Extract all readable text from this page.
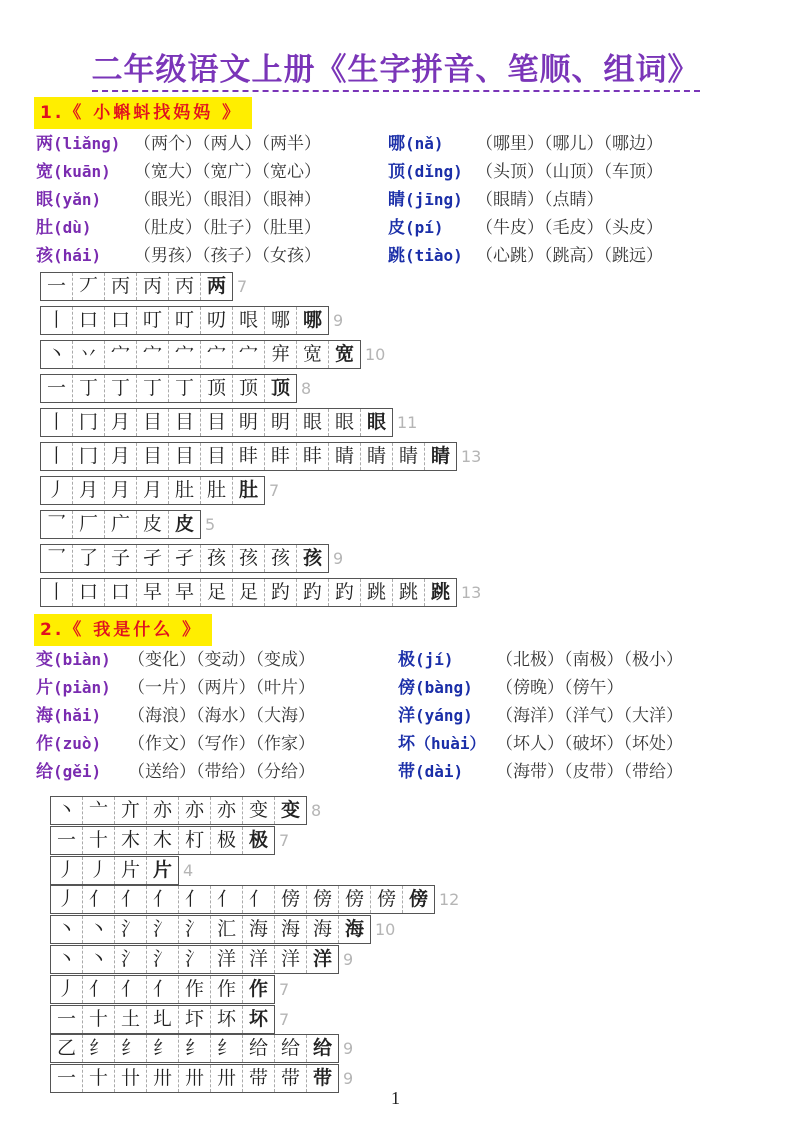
二年级语文上册《生字拼音、笔顺、组词》
1.《 小蝌蚪找妈妈 》
两(liǎng) （两个）（两人）（两半）	哪(nǎ) （哪里）（哪儿）（哪边）
宽(kuān) （宽大）（宽广）（宽心）	顶(dǐng) （头顶）（山顶）（车顶）
眼(yǎn) （眼光）（眼泪）（眼神）	睛(jīng) （眼睛）（点睛）
肚(dù) （肚皮）（肚子）（肚里）	皮(pí) （牛皮）（毛皮）（头皮）
孩(hái) （男孩）（孩子）（女孩）	跳(tiào) （心跳）（跳高）（跳远）
一 丆 丙 丙 丙 两 7
丨 口 口 叮 叮 叨 哏 哪 哪 9
丶 丷 宀 宀 宀 宀 宀 宑 宽 宽 10
一 丁 丁 丁 丁 顶 顶 顶 8
丨 冂 月 目 目 目 眀 眀 眼 眼 眼 11
丨 冂 月 目 目 目 盽 盽 盽 睛 睛 睛 睛 13
丿 月 月 月 肚 肚 肚 7
乛 厂 广 皮 皮 5
乛 了 子 孑 孑 孩 孩 孩 孩 9
丨 口 口 早 早 足 足 趵 趵 趵 跳 跳 跳 13
2.《 我是什么 》
变(biàn) （变化）（变动）（变成）	极(jí) （北极）（南极）（极小）
片(piàn) （一片）（两片）（叶片）	傍(bàng) （傍晚）（傍午）
海(hǎi) （海浪）（海水）（大海）	洋(yáng) （海洋）（洋气）（大洋）
作(zuò) （作文）（写作）（作家）	坏（huài） （坏人）（破坏）（坏处）
给(gěi) （送给）（带给）（分给）	带(dài) （海带）（皮带）（带给）
丶 亠 亣 亦 亦 亦 变 变 8
一 十 木 木 朾 极 极 7
丿 丿 片 片 4
丿 亻 亻 亻 亻 亻 亻 傍 傍 傍 傍 傍 12
丶 丶 氵 氵 氵 汇 海 海 海 海 10
丶 丶 氵 氵 氵 洋 洋 洋 洋 9
丿 亻 亻 亻 作 作 作 7
一 十 土 圠 圷 坏 坏 7
乙 纟 纟 纟 纟 纟 给 给 给 9
一 十 卄 卅 卅 卅 带 带 带 9
1
